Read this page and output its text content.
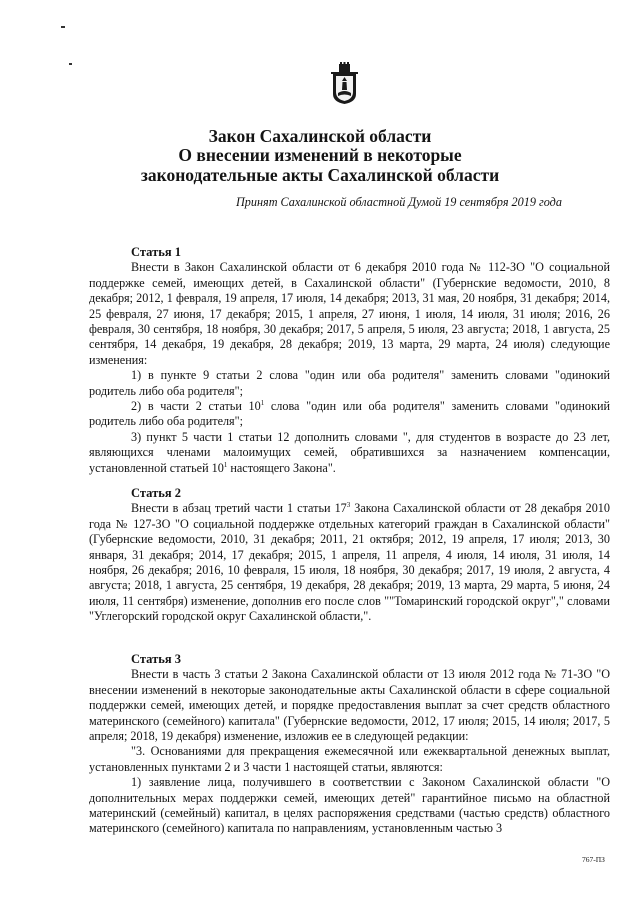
Закон Сахалинской области
О внесении изменений в некоторые
законодательные акты Сахалинской области
Принят Сахалинской областной Думой 19 сентября 2019 года

Статья 1

Внести в Закон Сахалинской области от 6 декабря 2010 года № 112-ЗО "О социальной поддержке семей, имеющих детей, в Сахалинской области" (Губернские ведомости, 2010, 8 декабря; 2012, 1 февраля, 19 апреля, 17 июля, 14 декабря; 2013, 31 мая, 20 ноября, 31 декабря; 2014, 25 февраля, 27 июня, 17 декабря; 2015, 1 апреля, 27 июня, 1 июля, 14 июля, 31 июля; 2016, 26 февраля, 30 сентября, 18 ноября, 30 декабря; 2017, 5 апреля, 5 июля, 23 августа; 2018, 1 августа, 25 сентября, 14 декабря, 19 декабря, 28 декабря; 2019, 13 марта, 29 марта, 24 июля) следующие изменения:

1) в пункте 9 статьи 2 слова "один или оба родителя" заменить словами "одинокий родитель либо оба родителя";

2) в части 2 статьи $10^1$ слова "один или оба родителя" заменить словами "одинокий родитель либо оба родителя";

3) пункт 5 части 1 статьи 12 дополнить словами ", для студентов в возрасте до 23 лет, являющихся членами малоимущих семей, обратившихся за назначением компенсации, установленной статьей $10^1$ настоящего Закона".

Статья 2

Внести в абзац третий части 1 статьи $17^3$ Закона Сахалинской области от 28 декабря 2010 года № 127-ЗО "О социальной поддержке отдельных категорий граждан в Сахалинской области" (Губернские ведомости, 2010, 31 декабря; 2011, 21 октября; 2012, 19 апреля, 17 июля; 2013, 30 января, 31 декабря; 2014, 17 декабря; 2015, 1 апреля, 11 апреля, 4 июля, 14 июля, 31 июля, 14 ноября, 26 декабря; 2016, 10 февраля, 15 июля, 18 ноября, 30 декабря; 2017, 19 июля, 2 августа, 4 августа; 2018, 1 августа, 25 сентября, 19 декабря, 28 декабря; 2019, 13 марта, 29 марта, 5 июня, 24 июля, 11 сентября) изменение, дополнив его после слов ""Томаринский городской округ"," словами "Углегорский городской округ Сахалинской области,".

Статья 3

Внести в часть 3 статьи 2 Закона Сахалинской области от 13 июля 2012 года № 71-ЗО "О внесении изменений в некоторые законодательные акты Сахалинской области в сфере социальной поддержки семей, имеющих детей, и порядке предоставления выплат за счет средств областного материнского (семейного) капитала" (Губернские ведомости, 2012, 17 июля; 2015, 14 июля; 2017, 5 апреля; 2018, 19 декабря) изменение, изложив ее в следующей редакции:

"3. Основаниями для прекращения ежемесячной или ежеквартальной денежных выплат, установленных пунктами 2 и 3 части 1 настоящей статьи, являются:

1) заявление лица, получившего в соответствии с Законом Сахалинской области "О дополнительных мерах поддержки семей, имеющих детей" гарантийное письмо на областной материнский (семейный) капитал, в целях распоряжения средствами (частью средств) областного материнского (семейного) капитала по направлениям, установленным частью 3

767-ПЗ
